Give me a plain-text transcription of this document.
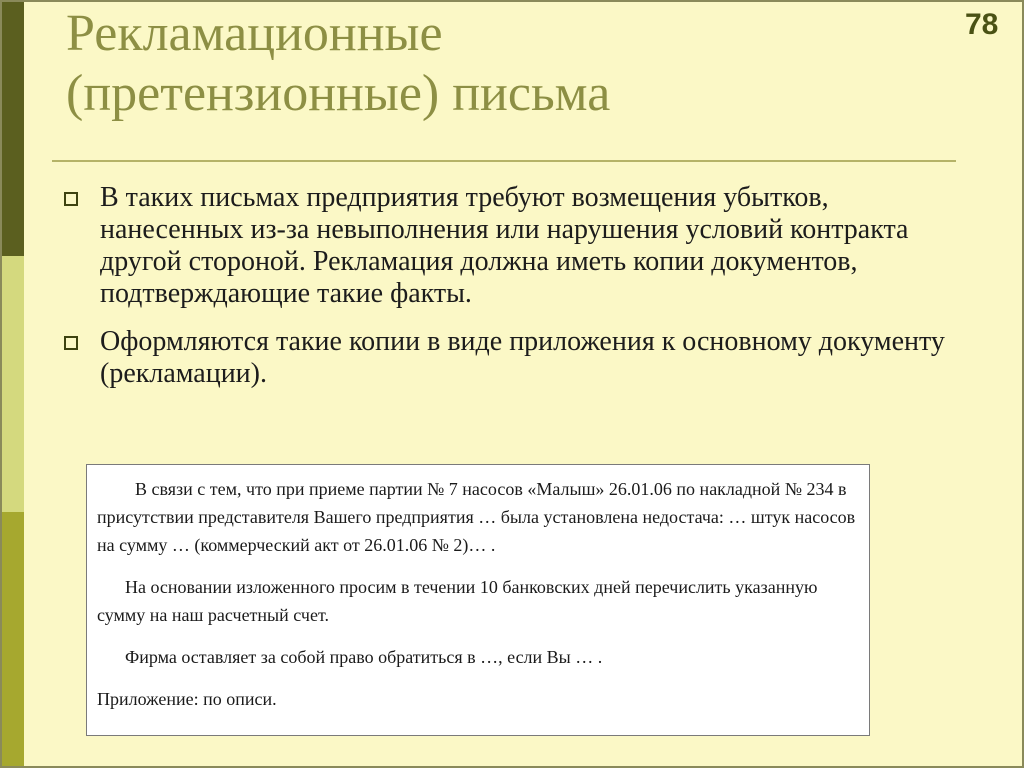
Рекламационные
(претензионные) письма
78
В таких письмах предприятия требуют возмещения убытков, нанесенных из-за невыполнения или нарушения условий контракта другой стороной. Рекламация должна иметь копии документов, подтверждающие такие факты.
Оформляются такие копии в виде приложения к основному документу (рекламации).

В связи с тем, что при приеме партии № 7 насосов «Малыш» 26.01.06 по накладной № 234 в присутствии представителя Вашего предприятия … была установлена недостача: … штук насосов на сумму … (коммерческий акт от 26.01.06 № 2)… .

На основании изложенного просим в течении 10 банковских дней перечислить указанную сумму на наш расчетный счет.

Фирма оставляет за собой право обратиться в …, если Вы … .

Приложение: по описи.
